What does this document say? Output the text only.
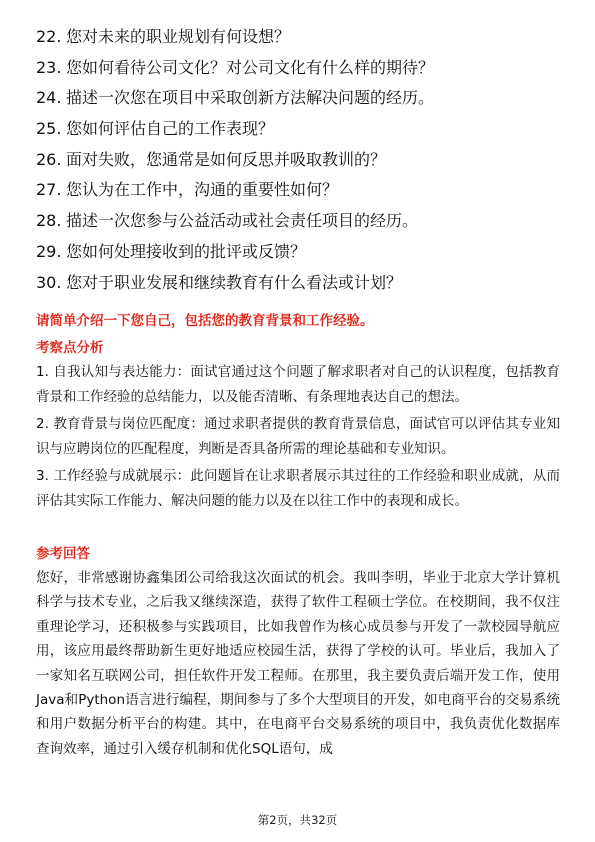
22. 您对未来的职业规划有何设想？
23. 您如何看待公司文化？对公司文化有什么样的期待？
24. 描述一次您在项目中采取创新方法解决问题的经历。
25. 您如何评估自己的工作表现？
26. 面对失败，您通常是如何反思并吸取教训的？
27. 您认为在工作中，沟通的重要性如何？
28. 描述一次您参与公益活动或社会责任项目的经历。
29. 您如何处理接收到的批评或反馈？
30. 您对于职业发展和继续教育有什么看法或计划？
请简单介绍一下您自己，包括您的教育背景和工作经验。
考察点分析

1. 自我认知与表达能力：面试官通过这个问题了解求职者对自己的认识程度，包括教育背景和工作经验的总结能力，以及能否清晰、有条理地表达自己的想法。

2. 教育背景与岗位匹配度：通过求职者提供的教育背景信息，面试官可以评估其专业知识与应聘岗位的匹配程度，判断是否具备所需的理论基础和专业知识。

3. 工作经验与成就展示：此问题旨在让求职者展示其过往的工作经验和职业成就，从而评估其实际工作能力、解决问题的能力以及在以往工作中的表现和成长。

参考回答

您好，非常感谢协鑫集团公司给我这次面试的机会。我叫李明，毕业于北京大学计算机科学与技术专业，之后我又继续深造，获得了软件工程硕士学位。在校期间，我不仅注重理论学习，还积极参与实践项目，比如我曾作为核心成员参与开发了一款校园导航应用，该应用最终帮助新生更好地适应校园生活，获得了学校的认可。毕业后，我加入了一家知名互联网公司，担任软件开发工程师。在那里，我主要负责后端开发工作，使用Java和Python语言进行编程，期间参与了多个大型项目的开发，如电商平台的交易系统和用户数据分析平台的构建。其中，在电商平台交易系统的项目中，我负责优化数据库查询效率，通过引入缓存机制和优化SQL语句，成

第2页，共32页
